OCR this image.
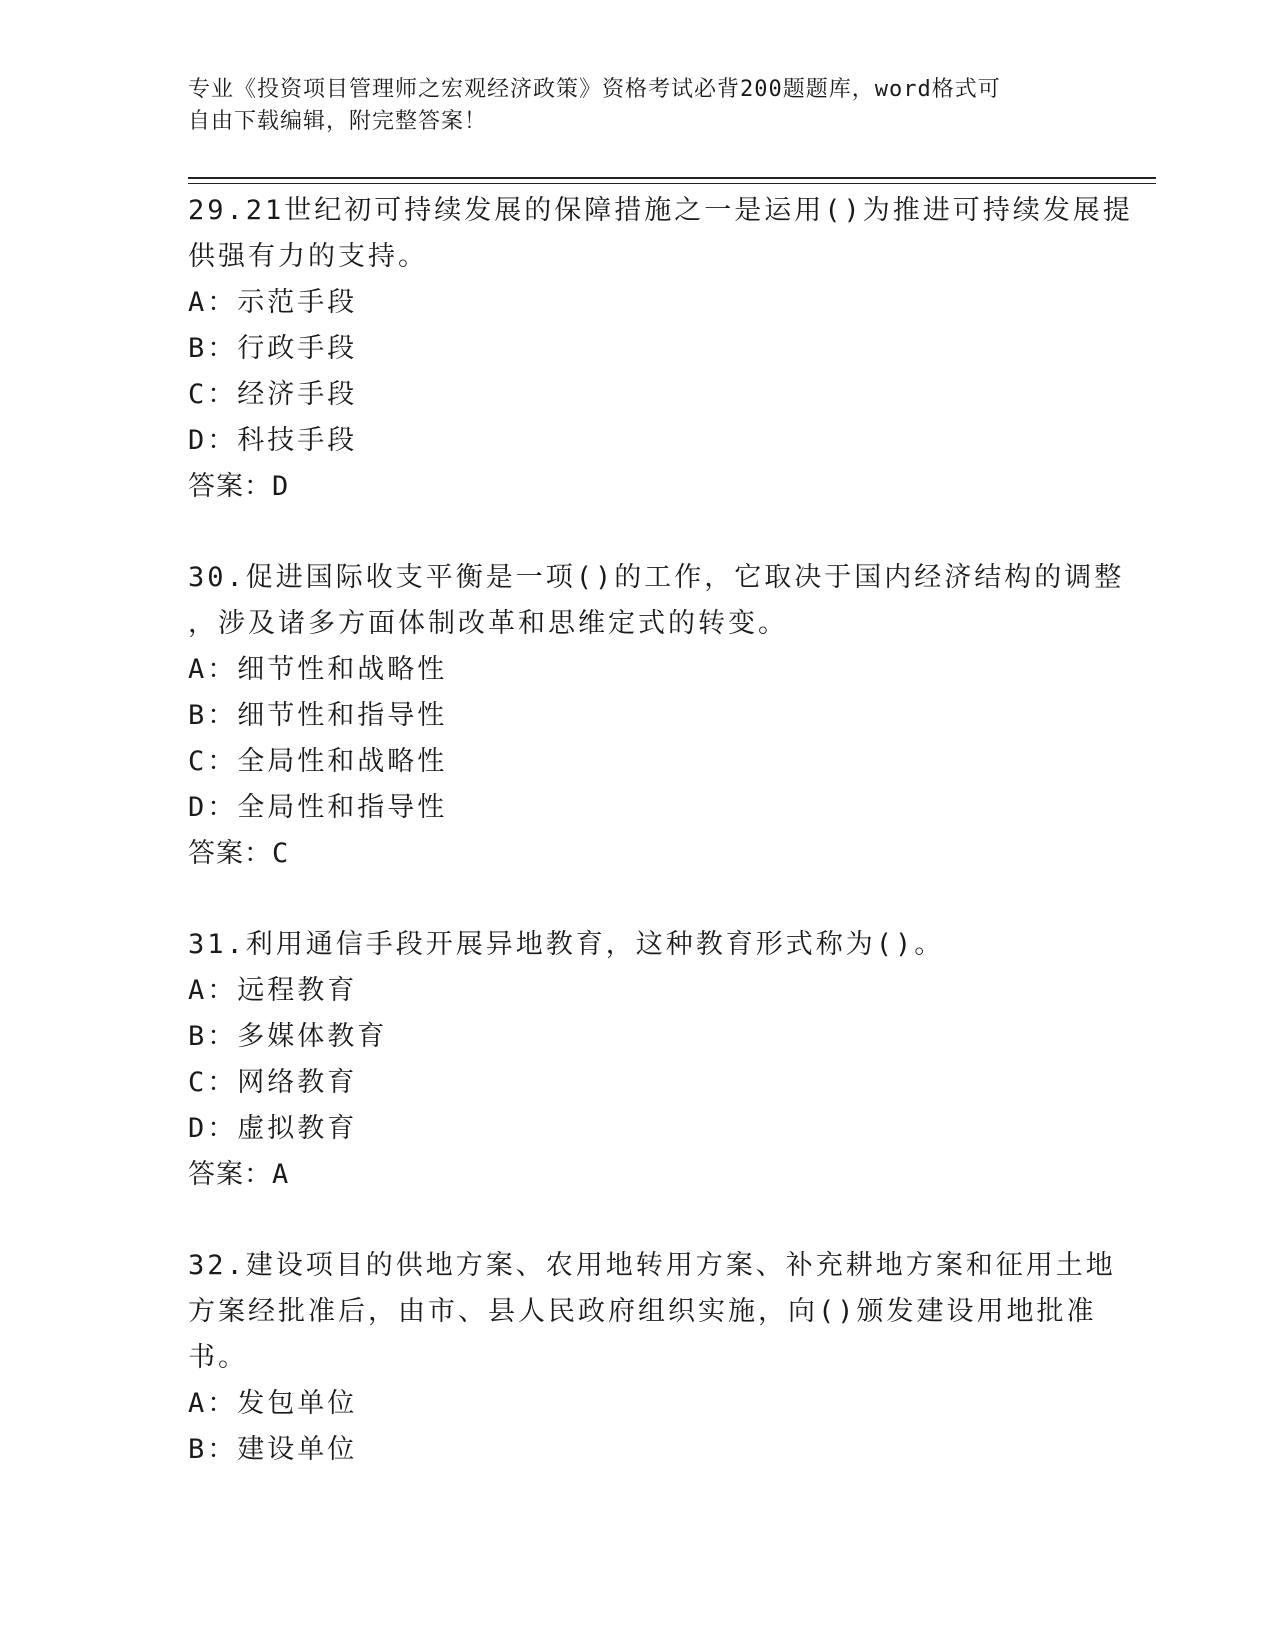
专业《投资项目管理师之宏观经济政策》资格考试必背200题题库，word格式可
自由下载编辑，附完整答案！
29.21世纪初可持续发展的保障措施之一是运用()为推进可持续发展提
供强有力的支持。
A：示范手段
B：行政手段
C：经济手段
D：科技手段
答案：D
30.促进国际收支平衡是一项()的工作，它取决于国内经济结构的调整
，涉及诸多方面体制改革和思维定式的转变。
A：细节性和战略性
B：细节性和指导性
C：全局性和战略性
D：全局性和指导性
答案：C
31.利用通信手段开展异地教育，这种教育形式称为()。
A：远程教育
B：多媒体教育
C：网络教育
D：虚拟教育
答案：A
32.建设项目的供地方案、农用地转用方案、补充耕地方案和征用土地
方案经批准后，由市、县人民政府组织实施，向()颁发建设用地批准
书。
A：发包单位
B：建设单位
